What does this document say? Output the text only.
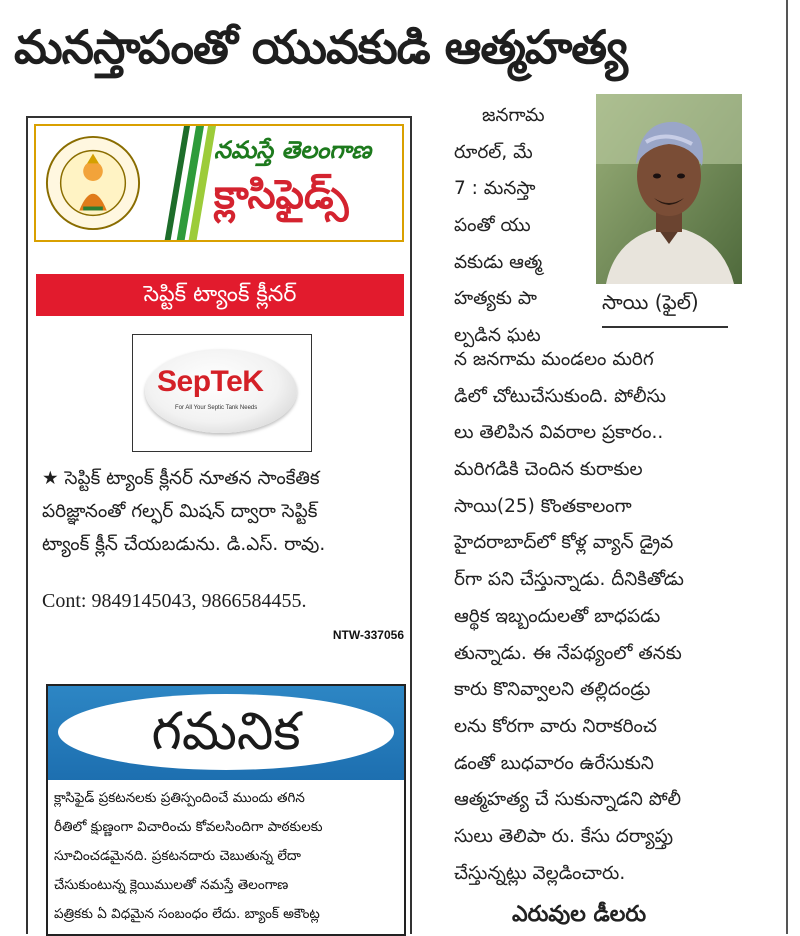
మనస్తాపంతో యువకుడి ఆత్మహత్య
నమస్తే తెలంగాణ
క్లాసిఫైడ్స్
సెప్టిక్ ట్యాంక్ క్లీనర్
SepTeK
For All Your Septic Tank Needs
★ సెప్టిక్ ట్యాంక్ క్లీనర్ నూతన సాంకేతిక
పరిజ్ఞానంతో గల్ఫర్ మిషన్ ద్వారా సెప్టిక్
ట్యాంక్ క్లీన్ చేయబడును. డి.ఎస్. రావు.
Cont: 9849145043, 9866584455.
NTW-337056
గమనిక
క్లాసిఫైడ్ ప్రకటనలకు ప్రతిస్పందించే ముందు తగిన
రీతిలో క్షుణ్ణంగా విచారించు కోవలసిందిగా పాఠకులకు
సూచించడమైనది. ప్రకటనదారు చెబుతున్న లేదా
చేసుకుంటున్న క్లెయిములతో నమస్తే తెలంగాణ
పత్రికకు ఏ విధమైన సంబంధం లేదు. బ్యాంక్ అకౌంట్ల
సాయి (ఫైల్)
జనగామ
రూరల్, మే
7 : మనస్తా
పంతో యు
వకుడు ఆత్మ
హత్యకు పా
ల్పడిన ఘట
న జనగామ మండలం మరిగ
డిలో చోటుచేసుకుంది. పోలీసు
లు తెలిపిన వివరాల ప్రకారం..
మరిగడికి చెందిన కురాకుల
సాయి(25) కొంతకాలంగా
హైదరాబాద్‌లో కోళ్ల వ్యాన్ డ్రైవ
ర్‌గా పని చేస్తున్నాడు. దీనికితోడు
ఆర్థిక ఇబ్బందులతో బాధపడు
తున్నాడు. ఈ నేపథ్యంలో తనకు
కారు కొనివ్వాలని తల్లిదండ్రు
లను కోరగా వారు నిరాకరించ
డంతో బుధవారం ఉరేసుకుని
ఆత్మహత్య చే సుకున్నాడని పోలీ
సులు తెలిపా రు. కేసు దర్యాప్తు
చేస్తున్నట్లు వెల్లడించారు.
ఎరువుల డీలరు
